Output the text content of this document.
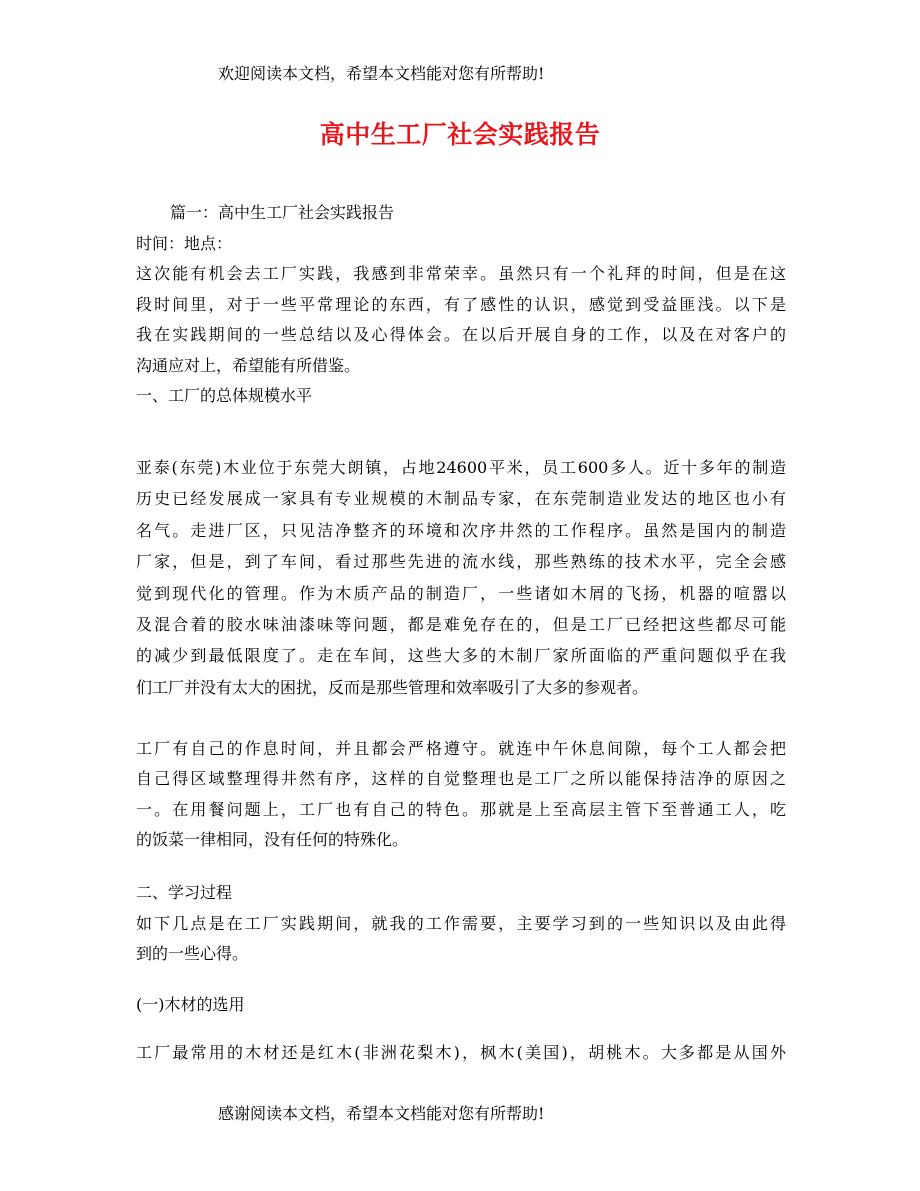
欢迎阅读本文档，希望本文档能对您有所帮助!
高中生工厂社会实践报告
篇一：高中生工厂社会实践报告
时间：地点：
这次能有机会去工厂实践，我感到非常荣幸。虽然只有一个礼拜的时间，但是在这
段时间里，对于一些平常理论的东西，有了感性的认识，感觉到受益匪浅。以下是
我在实践期间的一些总结以及心得体会。在以后开展自身的工作，以及在对客户的
沟通应对上，希望能有所借鉴。
一、工厂的总体规模水平
亚泰(东莞)木业位于东莞大朗镇，占地24600平米，员工600多人。近十多年的制造
历史已经发展成一家具有专业规模的木制品专家，在东莞制造业发达的地区也小有
名气。走进厂区，只见洁净整齐的环境和次序井然的工作程序。虽然是国内的制造
厂家，但是，到了车间，看过那些先进的流水线，那些熟练的技术水平，完全会感
觉到现代化的管理。作为木质产品的制造厂，一些诸如木屑的飞扬，机器的喧嚣以
及混合着的胶水味油漆味等问题，都是难免存在的，但是工厂已经把这些都尽可能
的减少到最低限度了。走在车间，这些大多的木制厂家所面临的严重问题似乎在我
们工厂并没有太大的困扰，反而是那些管理和效率吸引了大多的参观者。
工厂有自己的作息时间，并且都会严格遵守。就连中午休息间隙，每个工人都会把
自己得区域整理得井然有序，这样的自觉整理也是工厂之所以能保持洁净的原因之
一。在用餐问题上，工厂也有自己的特色。那就是上至高层主管下至普通工人，吃
的饭菜一律相同，没有任何的特殊化。
二、学习过程
如下几点是在工厂实践期间，就我的工作需要，主要学习到的一些知识以及由此得
到的一些心得。
(一)木材的选用
工厂最常用的木材还是红木(非洲花梨木)，枫木(美国)，胡桃木。大多都是从国外
感谢阅读本文档，希望本文档能对您有所帮助!
